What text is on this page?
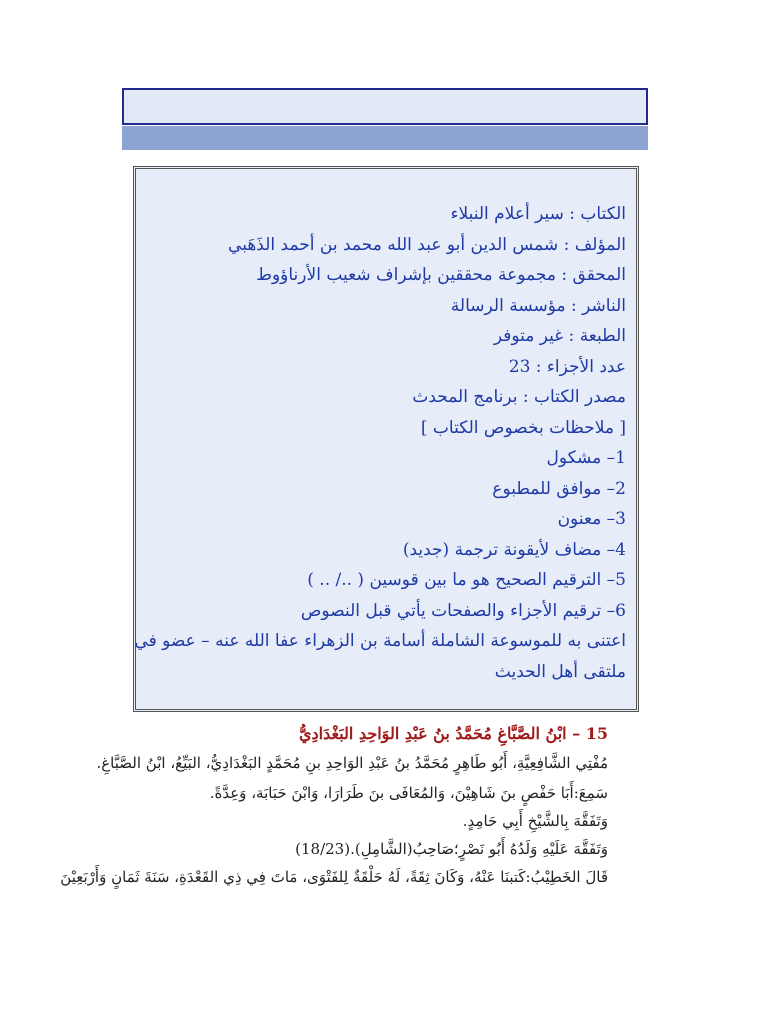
الكتاب : سير أعلام النبلاء
المؤلف : شمس الدين أبو عبد الله محمد بن أحمد الذَهَبي
المحقق : مجموعة محققين بإشراف شعيب الأرناؤوط
الناشر : مؤسسة الرسالة
الطبعة : غير متوفر
عدد الأجزاء : 23
مصدر الكتاب : برنامج المحدث
[ ملاحظات بخصوص الكتاب ]
1– مشكول
2– موافق للمطبوع
3– معنون
4– مضاف لأيقونة ترجمة (جديد)
5– الترقيم الصحيح هو ما بين قوسين ( ../ .. )
6– ترقيم الأجزاء والصفحات يأتي قبل النصوص
اعتنى به للموسوعة الشاملة أسامة بن الزهراء عفا الله عنه – عضو في
ملتقى أهل الحديث
15 – ابْنُ الصَّبَّاغِ مُحَمَّدُ بنُ عَبْدِ الوَاحِدِ البَغْدَادِيُّ
مُفْتِي الشَّافِعِيَّةِ، أَبُو طَاهِرٍ مُحَمَّدُ بنُ عَبْدِ الوَاحِدِ بنِ مُحَمَّدٍ البَغْدَادِيُّ، البَيِّعُ، ابْنُ الصَّبَّاغِ.
سَمِعَ:أَبَا حَفْصٍ بنَ شَاهِيْنَ، وَالمُعَافَى بنَ طَرَارَا، وَابْنَ حَبَابَة، وَعِدَّةً.
وَتَفَقَّهَ بِالشَّيْخِ أَبِي حَامِدٍ.
وَتَفَقَّهَ عَلَيْهِ وَلَدُهُ أَبُو نَصْرٍ؛صَاحِبُ(الشَّامِلِ).(18/23)
قَالَ الخَطِيْبُ:كَتبنَا عَنْهُ، وَكَانَ ثِقَةً، لَهُ حَلْقَةٌ لِلفَتْوَى، مَاتَ فِي ذِي القَعْدَةِ، سَنَةَ ثَمَانٍ وَأَرْبَعِيْنَ
